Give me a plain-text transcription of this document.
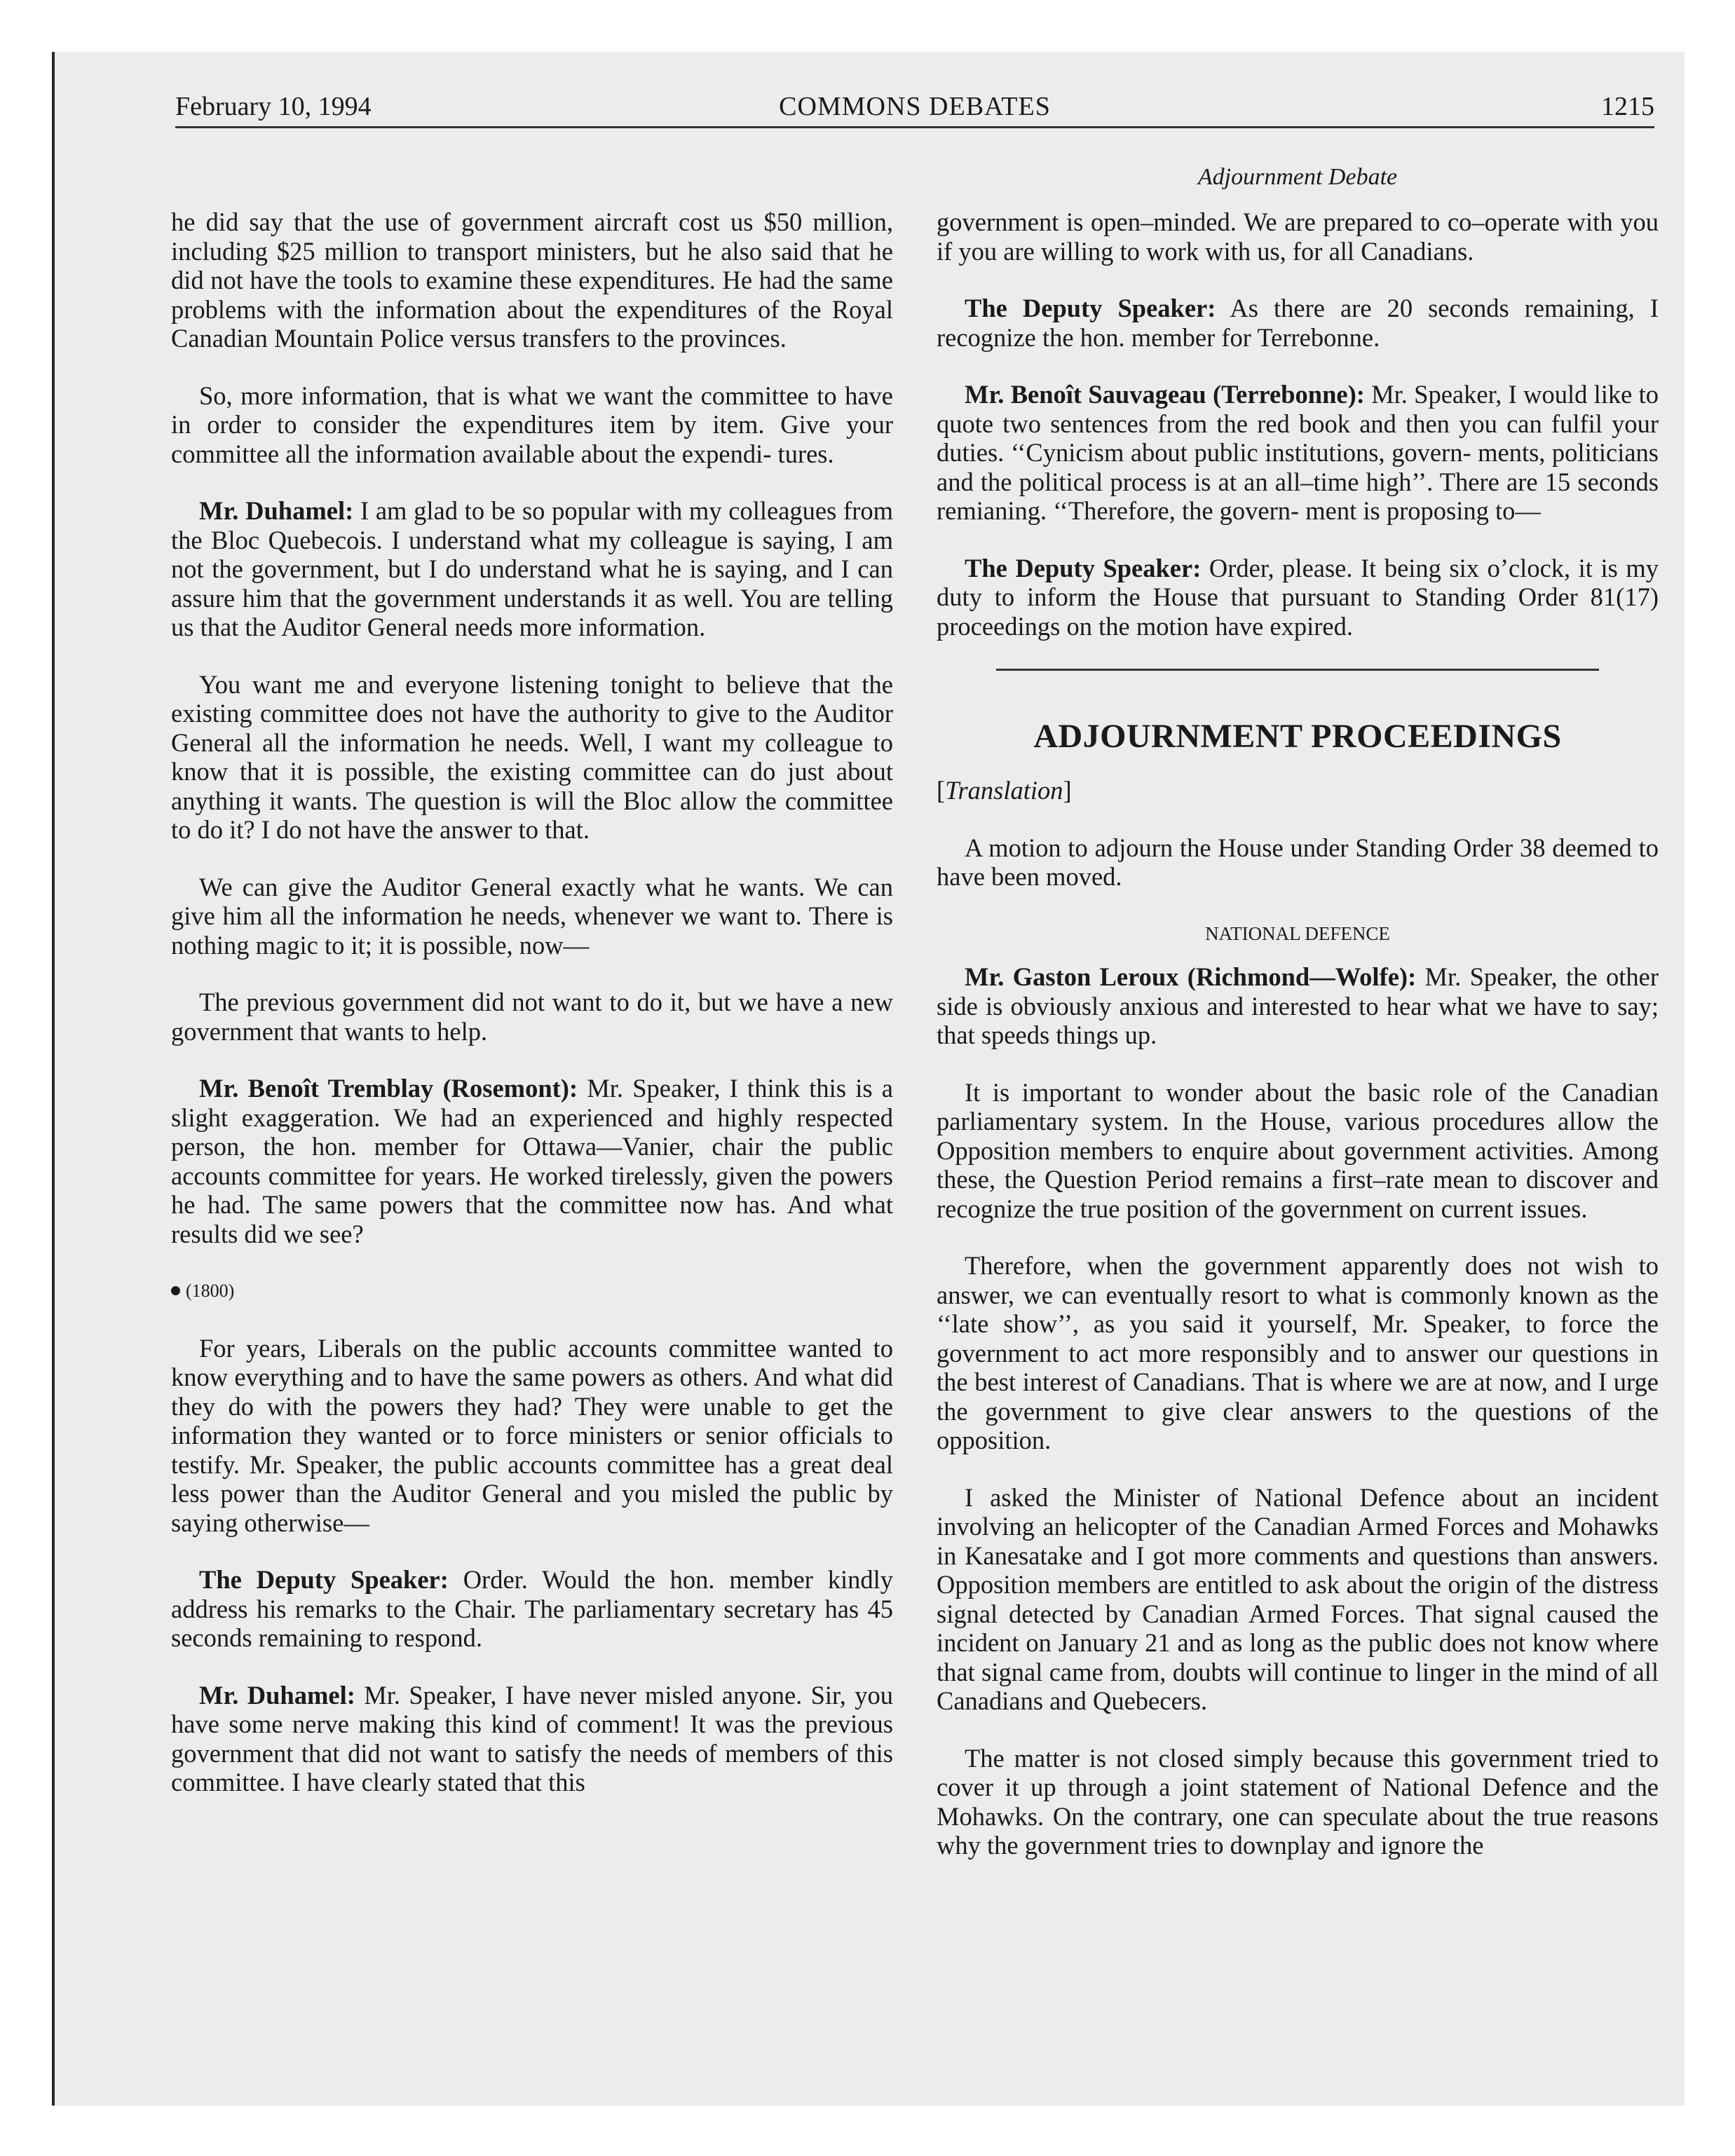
February 10, 1994	COMMONS DEBATES	1215
Adjournment Debate

he did say that the use of government aircraft cost us $50 million, including $25 million to transport ministers, but he also said that he did not have the tools to examine these expenditures. He had the same problems with the information about the expenditures of the Royal Canadian Mountain Police versus transfers to the provinces.

So, more information, that is what we want the committee to have in order to consider the expenditures item by item. Give your committee all the information available about the expendi- tures.

Mr. Duhamel: I am glad to be so popular with my colleagues from the Bloc Quebecois. I understand what my colleague is saying, I am not the government, but I do understand what he is saying, and I can assure him that the government understands it as well. You are telling us that the Auditor General needs more information.

You want me and everyone listening tonight to believe that the existing committee does not have the authority to give to the Auditor General all the information he needs. Well, I want my colleague to know that it is possible, the existing committee can do just about anything it wants. The question is will the Bloc allow the committee to do it? I do not have the answer to that.

We can give the Auditor General exactly what he wants. We can give him all the information he needs, whenever we want to. There is nothing magic to it; it is possible, now—

The previous government did not want to do it, but we have a new government that wants to help.

Mr. Benoît Tremblay (Rosemont): Mr. Speaker, I think this is a slight exaggeration. We had an experienced and highly respected person, the hon. member for Ottawa—Vanier, chair the public accounts committee for years. He worked tirelessly, given the powers he had. The same powers that the committee now has. And what results did we see?

(1800)

For years, Liberals on the public accounts committee wanted to know everything and to have the same powers as others. And what did they do with the powers they had? They were unable to get the information they wanted or to force ministers or senior officials to testify. Mr. Speaker, the public accounts committee has a great deal less power than the Auditor General and you misled the public by saying otherwise—

The Deputy Speaker: Order. Would the hon. member kindly address his remarks to the Chair. The parliamentary secretary has 45 seconds remaining to respond.

Mr. Duhamel: Mr. Speaker, I have never misled anyone. Sir, you have some nerve making this kind of comment! It was the previous government that did not want to satisfy the needs of members of this committee. I have clearly stated that this

government is open–minded. We are prepared to co–operate with you if you are willing to work with us, for all Canadians.

The Deputy Speaker: As there are 20 seconds remaining, I recognize the hon. member for Terrebonne.

Mr. Benoît Sauvageau (Terrebonne): Mr. Speaker, I would like to quote two sentences from the red book and then you can fulfil your duties. ‘‘Cynicism about public institutions, govern- ments, politicians and the political process is at an all–time high’’. There are 15 seconds remianing. ‘‘Therefore, the govern- ment is proposing to—

The Deputy Speaker: Order, please. It being six o’clock, it is my duty to inform the House that pursuant to Standing Order 81(17) proceedings on the motion have expired.

ADJOURNMENT PROCEEDINGS
[Translation]

A motion to adjourn the House under Standing Order 38 deemed to have been moved.

NATIONAL DEFENCE

Mr. Gaston Leroux (Richmond—Wolfe): Mr. Speaker, the other side is obviously anxious and interested to hear what we have to say; that speeds things up.

It is important to wonder about the basic role of the Canadian parliamentary system. In the House, various procedures allow the Opposition members to enquire about government activities. Among these, the Question Period remains a first–rate mean to discover and recognize the true position of the government on current issues.

Therefore, when the government apparently does not wish to answer, we can eventually resort to what is commonly known as the ‘‘late show’’, as you said it yourself, Mr. Speaker, to force the government to act more responsibly and to answer our questions in the best interest of Canadians. That is where we are at now, and I urge the government to give clear answers to the questions of the opposition.

I asked the Minister of National Defence about an incident involving an helicopter of the Canadian Armed Forces and Mohawks in Kanesatake and I got more comments and questions than answers. Opposition members are entitled to ask about the origin of the distress signal detected by Canadian Armed Forces. That signal caused the incident on January 21 and as long as the public does not know where that signal came from, doubts will continue to linger in the mind of all Canadians and Quebecers.

The matter is not closed simply because this government tried to cover it up through a joint statement of National Defence and the Mohawks. On the contrary, one can speculate about the true reasons why the government tries to downplay and ignore the
